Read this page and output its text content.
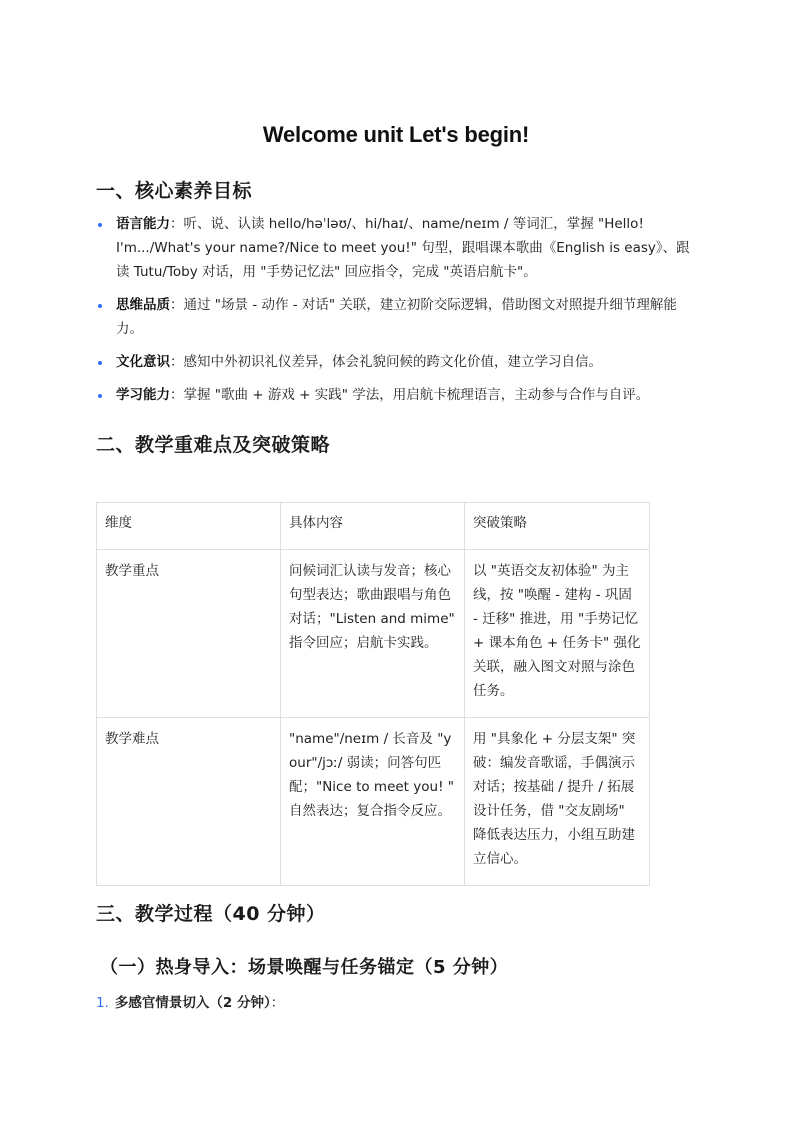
Welcome unit Let's begin!
一、核心素养目标
语言能力：听、说、认读 hello/həˈləʊ/、hi/haɪ/、name/neɪm / 等词汇，掌握 "Hello! I'm.../What's your name?/Nice to meet you!" 句型，跟唱课本歌曲《English is easy》、跟读 Tutu/Toby 对话，用 "手势记忆法" 回应指令，完成 "英语启航卡"。
思维品质：通过 "场景 - 动作 - 对话" 关联，建立初阶交际逻辑，借助图文对照提升细节理解能力。
文化意识：感知中外初识礼仪差异，体会礼貌问候的跨文化价值，建立学习自信。
学习能力：掌握 "歌曲 + 游戏 + 实践" 学法，用启航卡梳理语言，主动参与合作与自评。
二、教学重难点及突破策略
维度	具体内容	突破策略
教学重点	问候词汇认读与发音；核心句型表达；歌曲跟唱与角色对话；"Listen and mime" 指令回应；启航卡实践。	以 "英语交友初体验" 为主线，按 "唤醒 - 建构 - 巩固 - 迁移" 推进，用 "手势记忆 + 课本角色 + 任务卡" 强化关联，融入图文对照与涂色任务。
教学难点	"name"/neɪm / 长音及 "your"/jɔː/ 弱读；问答句匹配；"Nice to meet you! " 自然表达；复合指令反应。	用 "具象化 + 分层支架" 突破：编发音歌谣，手偶演示对话；按基础 / 提升 / 拓展设计任务，借 "交友剧场" 降低表达压力，小组互助建立信心。
三、教学过程（40 分钟）
（一）热身导入：场景唤醒与任务锚定（5 分钟）
1. 多感官情景切入（2 分钟）：
